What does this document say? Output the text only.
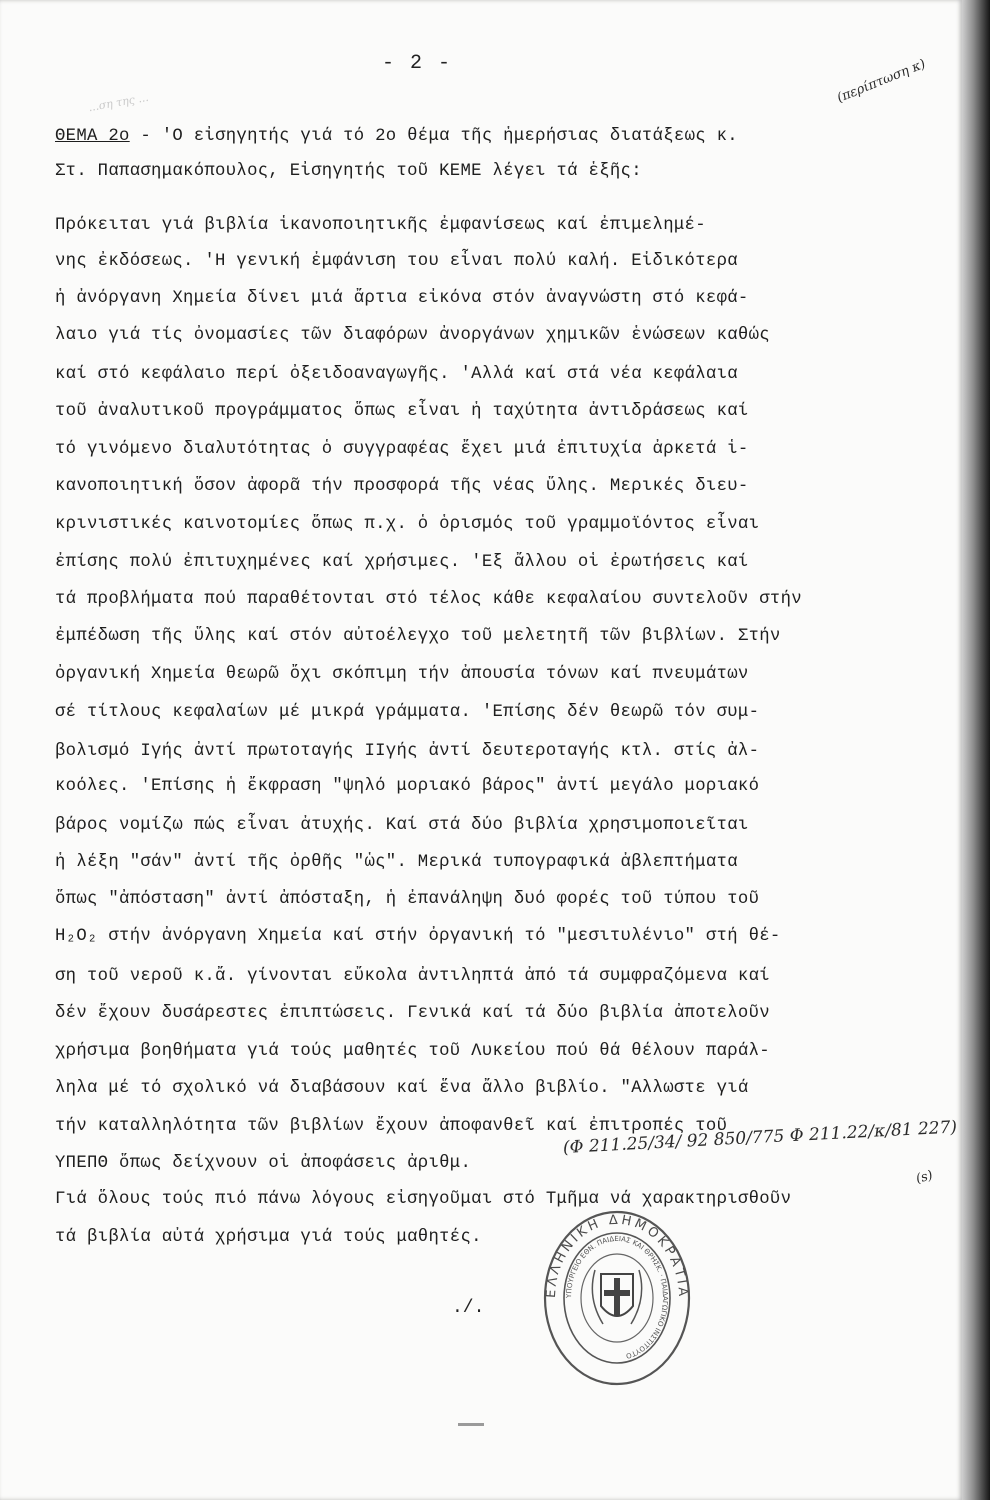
...ση της ...
- 2 -	(περίπτωση κ)
ΘΕΜΑ 2ο - 'Ο εἰσηγητής γιά τό 2ο θέμα τῆς ἡμερήσιας διατάξεως κ.
Στ. Παπασημακόπουλος, Εἰσηγητής τοῦ ΚΕΜΕ λέγει τά ἑξῆς:
Πρόκειται γιά βιβλία ἱκανοποιητικῆς ἐμφανίσεως καί ἐπιμελημέ-
νης ἐκδόσεως. 'Η γενική ἐμφάνιση του εἶναι πολύ καλή. Εἰδικότερα
ἡ ἀνόργανη Χημεία δίνει μιά ἄρτια εἰκόνα στόν ἀναγνώστη στό κεφά-
λαιο γιά τίς ὀνομασίες τῶν διαφόρων ἀνοργάνων χημικῶν ἑνώσεων καθώς
καί στό κεφάλαιο περί ὀξειδοαναγωγῆς. 'Αλλά καί στά νέα κεφάλαια
τοῦ ἀναλυτικοῦ προγράμματος ὅπως εἶναι ἡ ταχύτητα ἀντιδράσεως καί
τό γινόμενο διαλυτότητας ὁ συγγραφέας ἔχει μιά ἐπιτυχία ἀρκετά ἱ-
κανοποιητική ὅσον ἀφορᾶ τήν προσφορά τῆς νέας ὕλης. Μερικές διευ-
κρινιστικές καινοτομίες ὅπως π.χ. ὁ ὁρισμός τοῦ γραμμοϊόντος εἶναι
ἐπίσης πολύ ἐπιτυχημένες καί χρήσιμες. 'Εξ ἄλλου οἱ ἐρωτήσεις καί
τά προβλήματα πού παραθέτονται στό τέλος κάθε κεφαλαίου συντελοῦν στήν
ἐμπέδωση τῆς ὕλης καί στόν αὐτοέλεγχο τοῦ μελετητῆ τῶν βιβλίων. Στήν
ὀργανική Χημεία θεωρῶ ὄχι σκόπιμη τήν ἀπουσία τόνων καί πνευμάτων
σέ τίτλους κεφαλαίων μέ μικρά γράμματα. 'Επίσης δέν θεωρῶ τόν συμ-
βολισμό Ιγής ἀντί πρωτοταγής ΙΙγής ἀντί δευτεροταγής κτλ. στίς ἀλ-
κοόλες. 'Επίσης ἡ ἔκφραση "ψηλό μοριακό βάρος" ἀντί μεγάλο μοριακό
βάρος νομίζω πώς εἶναι ἀτυχής. Καί στά δύο βιβλία χρησιμοποιεῖται
ἡ λέξη "σάν" ἀντί τῆς ὀρθῆς "ὡς". Μερικά τυπογραφικά ἀβλεπτήματα
ὅπως "ἀπόσταση" ἀντί ἀπόσταξη, ἡ ἐπανάληψη δυό φορές τοῦ τύπου τοῦ
H₂O₂ στήν ἀνόργανη Χημεία καί στήν ὀργανική τό "μεσιτυλένιο" στή θέ-
ση τοῦ νεροῦ κ.ἄ. γίνονται εὔκολα ἀντιληπτά ἀπό τά συμφραζόμενα καί
δέν ἔχουν δυσάρεστες ἐπιπτώσεις. Γενικά καί τά δύο βιβλία ἀποτελοῦν
χρήσιμα βοηθήματα γιά τούς μαθητές τοῦ Λυκείου πού θά θέλουν παράλ-
ληλα μέ τό σχολικό νά διαβάσουν καί ἕνα ἄλλο βιβλίο. "Αλλωστε γιά
τήν καταλληλότητα τῶν βιβλίων ἔχουν ἀποφανθεῖ καί ἐπιτροπές τοῦ
ΥΠΕΠΘ ὅπως δείχνουν οἱ ἀποφάσεις ἀριθμ.
Γιά ὅλους τούς πιό πάνω λόγους εἰσηγοῦμαι στό Τμῆμα νά χαρακτηρισθοῦν
τά βιβλία αὐτά χρήσιμα γιά τούς μαθητές.
(Φ 211.25/34/ 92 850/775 Φ 211.22/κ/81 227)
(s)
ΕΛΛΗΝΙΚΗ ΔΗΜΟΚΡΑΤΙΑ
ΥΠΟΥΡΓΕΙΟ ΕΘΝ. ΠΑΙΔΕΙΑΣ ΚΑΙ ΘΡΗΣΚ. · ΠΑΙΔΑΓΩΓΙΚΟ ΙΝΣΤΙΤΟΥΤΟ
./.
